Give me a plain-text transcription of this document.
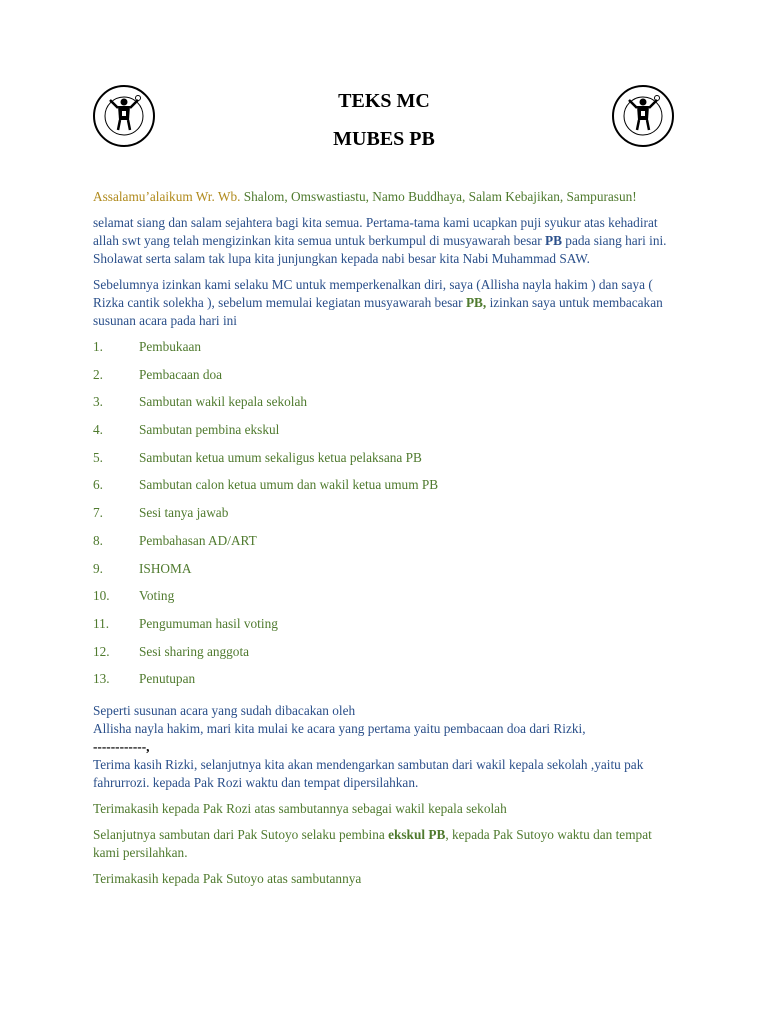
TEKS MC
MUBES PB

Assalamu’alaikum Wr. Wb. Shalom, Omswastiastu, Namo Buddhaya, Salam Kebajikan, Sampurasun!

selamat siang dan salam sejahtera bagi kita semua. Pertama-tama kami ucapkan puji syukur atas kehadirat allah swt yang telah mengizinkan kita semua untuk berkumpul di musyawarah besar PB pada siang hari ini. Sholawat serta salam tak lupa kita junjungkan kepada nabi besar kita Nabi Muhammad SAW.

Sebelumnya izinkan kami selaku MC untuk memperkenalkan diri, saya (Allisha nayla hakim ) dan saya ( Rizka cantik solekha ), sebelum memulai kegiatan musyawarah besar PB, izinkan saya untuk membacakan susunan acara pada hari ini

1.	Pembukaan
2.	Pembacaan doa
3.	Sambutan wakil kepala sekolah
4.	Sambutan pembina ekskul
5.	Sambutan ketua umum sekaligus ketua pelaksana PB
6.	Sambutan calon ketua umum dan wakil ketua umum PB
7.	Sesi tanya jawab
8.	Pembahasan AD/ART
9.	ISHOMA
10.	Voting
11.	Pengumuman hasil voting
12.	Sesi sharing anggota
13.	Penutupan

Seperti susunan acara yang sudah dibacakan oleh
Allisha nayla hakim, mari kita mulai ke acara yang pertama yaitu pembacaan doa dari Rizki,
------------,
Terima kasih Rizki, selanjutnya kita akan mendengarkan sambutan dari wakil kepala sekolah ,yaitu pak fahrurrozi. kepada Pak Rozi waktu dan tempat dipersilahkan.

Terimakasih kepada Pak Rozi atas sambutannya sebagai wakil kepala sekolah

Selanjutnya sambutan dari Pak Sutoyo selaku pembina ekskul PB, kepada Pak Sutoyo waktu dan tempat kami persilahkan.

Terimakasih kepada Pak Sutoyo atas sambutannya
